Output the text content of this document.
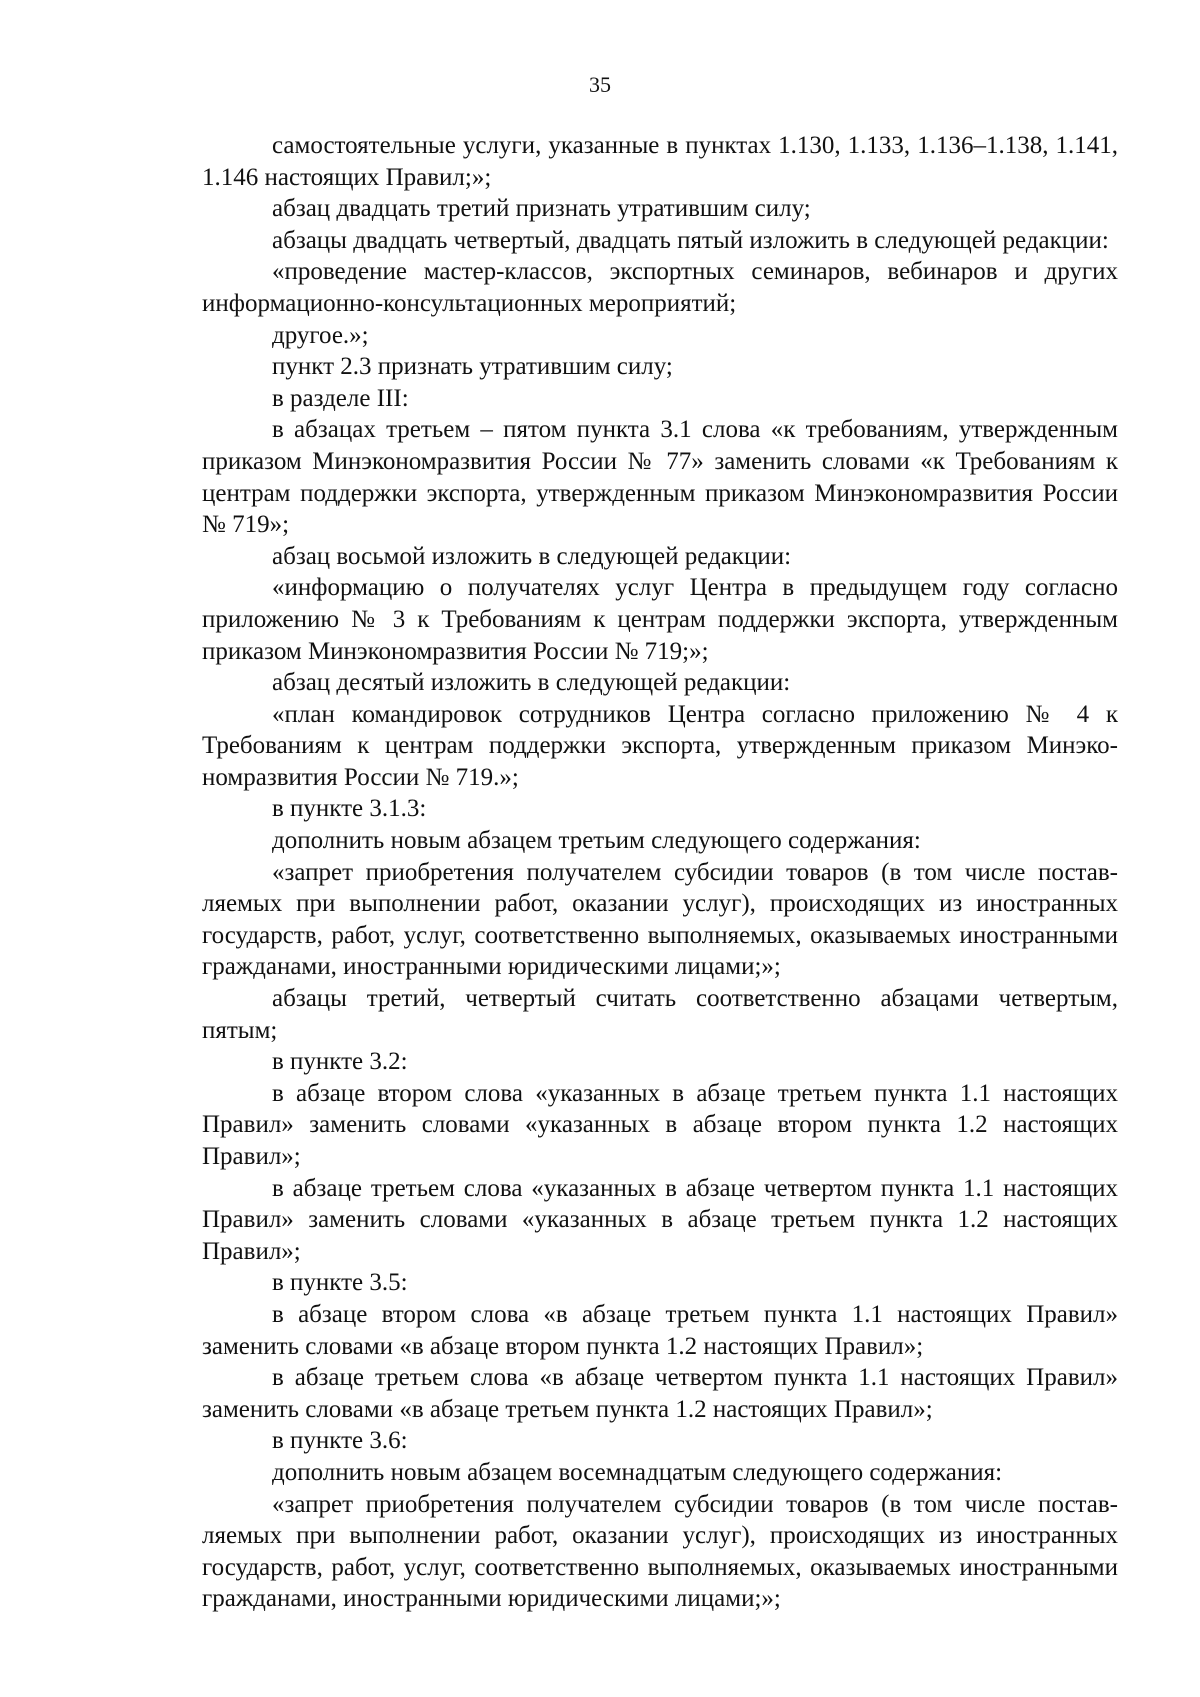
35

самостоятельные услуги, указанные в пунктах 1.130, 1.133, 1.136–1.138, 1.141, 1.146 настоящих Правил;»;

абзац двадцать третий признать утратившим силу;

абзацы двадцать четвертый, двадцать пятый изложить в следующей редакции:

«проведение мастер-классов, экспортных семинаров, вебинаров и других информационно-консультационных мероприятий;

другое.»;

пункт 2.3 признать утратившим силу;

в разделе III:

в абзацах третьем – пятом пункта 3.1 слова «к требованиям, утвержденным приказом Минэкономразвития России № 77» заменить словами «к Требованиям к центрам поддержки экспорта, утвержденным приказом Минэкономразвития России № 719»;

абзац восьмой изложить в следующей редакции:

«информацию о получателях услуг Центра в предыдущем году согласно приложению № 3 к Требованиям к центрам поддержки экспорта, утвержденным приказом Минэкономразвития России № 719;»;

абзац десятый изложить в следующей редакции:

«план командировок сотрудников Центра согласно приложению № 4 к Требованиям к центрам поддержки экспорта, утвержденным приказом Минэкономразвития России № 719.»;

в пункте 3.1.3:

дополнить новым абзацем третьим следующего содержания:

«запрет приобретения получателем субсидии товаров (в том числе поставляемых при выполнении работ, оказании услуг), происходящих из иностранных государств, работ, услуг, соответственно выполняемых, оказываемых иностранными гражданами, иностранными юридическими лицами;»;

абзацы третий, четвертый считать соответственно абзацами четвертым, пятым;

в пункте 3.2:

в абзаце втором слова «указанных в абзаце третьем пункта 1.1 настоящих Правил» заменить словами «указанных в абзаце втором пункта 1.2 настоящих Правил»;

в абзаце третьем слова «указанных в абзаце четвертом пункта 1.1 настоящих Правил» заменить словами «указанных в абзаце третьем пункта 1.2 настоящих Правил»;

в пункте 3.5:

в абзаце втором слова «в абзаце третьем пункта 1.1 настоящих Правил» заменить словами «в абзаце втором пункта 1.2 настоящих Правил»;

в абзаце третьем слова «в абзаце четвертом пункта 1.1 настоящих Правил» заменить словами «в абзаце третьем пункта 1.2 настоящих Правил»;

в пункте 3.6:

дополнить новым абзацем восемнадцатым следующего содержания:

«запрет приобретения получателем субсидии товаров (в том числе поставляемых при выполнении работ, оказании услуг), происходящих из иностранных государств, работ, услуг, соответственно выполняемых, оказываемых иностранными гражданами, иностранными юридическими лицами;»;
